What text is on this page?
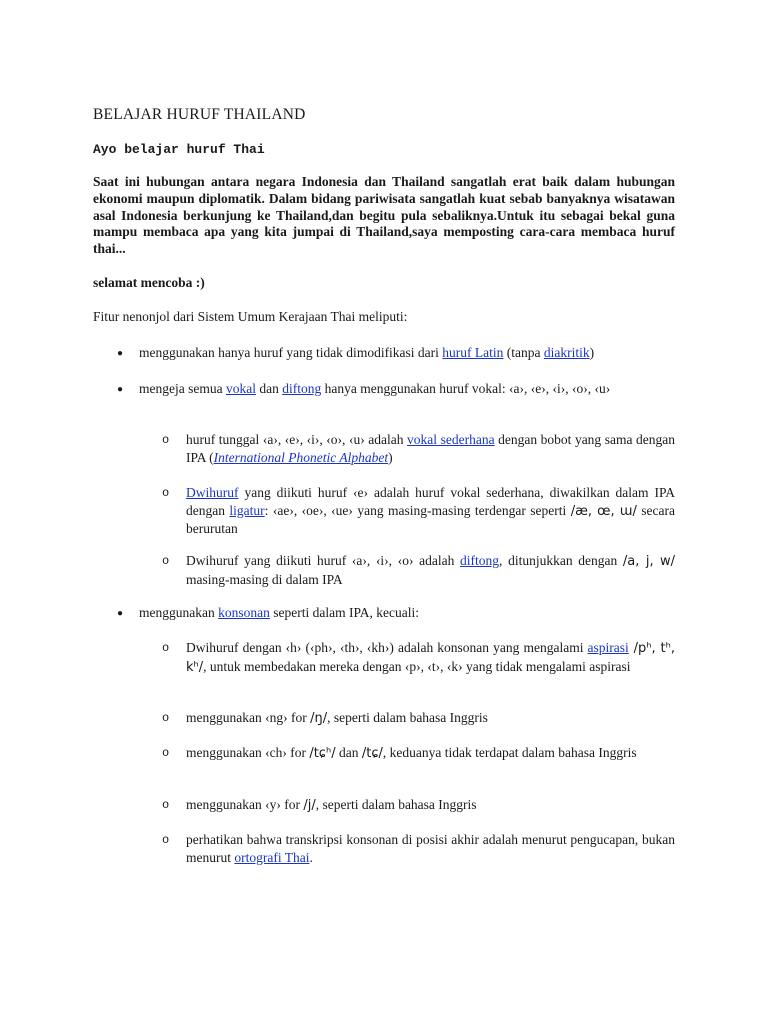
BELAJAR HURUF THAILAND
Ayo belajar huruf Thai

Saat ini hubungan antara negara Indonesia dan Thailand sangatlah erat baik dalam hubungan ekonomi maupun diplomatik. Dalam bidang pariwisata sangatlah kuat sebab banyaknya wisatawan asal Indonesia berkunjung ke Thailand,dan begitu pula sebaliknya.Untuk itu sebagai bekal guna mampu membaca apa yang kita jumpai di Thailand,saya memposting cara-cara membaca huruf thai...

selamat mencoba :)
Fitur nenonjol dari Sistem Umum Kerajaan Thai meliputi:
● menggunakan hanya huruf yang tidak dimodifikasi dari huruf Latin (tanpa diakritik)
● mengeja semua vokal dan diftong hanya menggunakan huruf vokal: ‹a›, ‹e›, ‹i›, ‹o›, ‹u›
o huruf tunggal ‹a›, ‹e›, ‹i›, ‹o›, ‹u› adalah vokal sederhana dengan bobot yang sama dengan IPA (International Phonetic Alphabet)
o Dwihuruf yang diikuti huruf ‹e› adalah huruf vokal sederhana, diwakilkan dalam IPA dengan ligatur: ‹ae›, ‹oe›, ‹ue› yang masing-masing terdengar seperti /æ, œ, ɯ/ secara berurutan
o Dwihuruf yang diikuti huruf ‹a›, ‹i›, ‹o› adalah diftong, ditunjukkan dengan /a, j, w/ masing-masing di dalam IPA
● menggunakan konsonan seperti dalam IPA, kecuali:
o Dwihuruf dengan ‹h› (‹ph›, ‹th›, ‹kh›) adalah konsonan yang mengalami aspirasi /pʰ, tʰ, kʰ/, untuk membedakan mereka dengan ‹p›, ‹t›, ‹k› yang tidak mengalami aspirasi
o menggunakan ‹ng› for /ŋ/, seperti dalam bahasa Inggris
o menggunakan ‹ch› for /tɕʰ/ dan /tɕ/, keduanya tidak terdapat dalam bahasa Inggris
o menggunakan ‹y› for /j/, seperti dalam bahasa Inggris
o perhatikan bahwa transkripsi konsonan di posisi akhir adalah menurut pengucapan, bukan menurut ortografi Thai.
